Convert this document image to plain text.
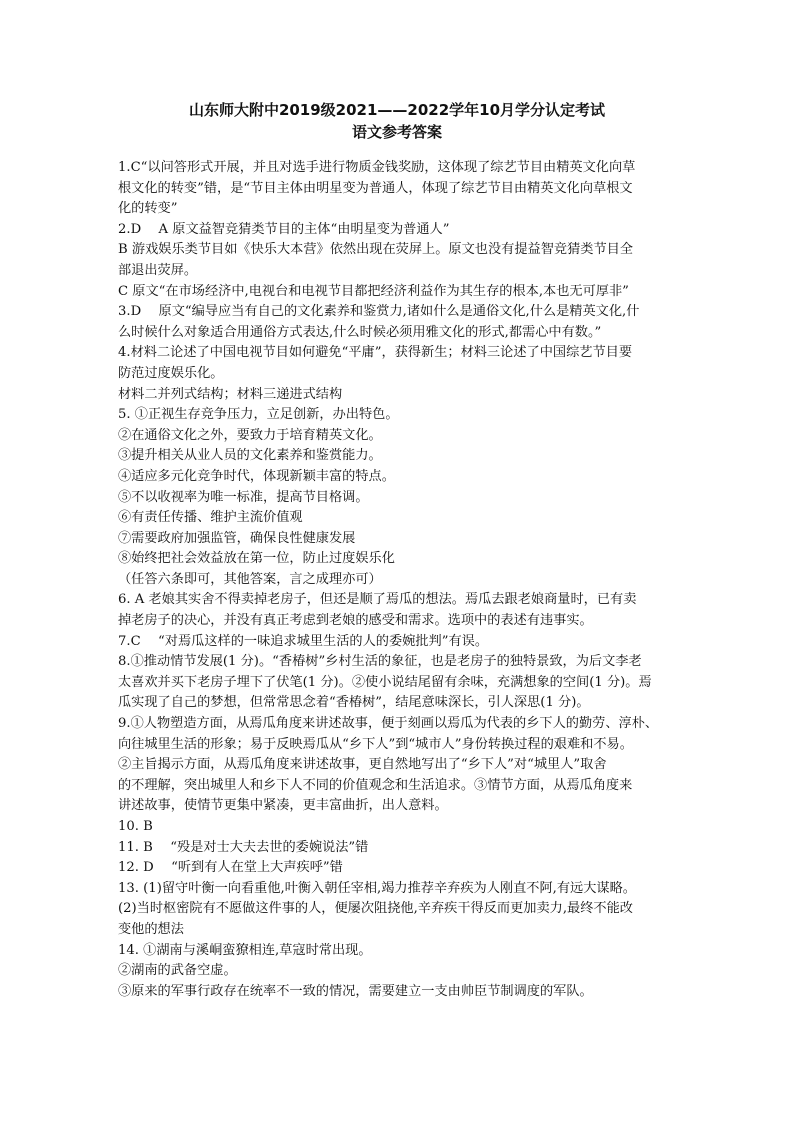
山东师大附中2019级2021——2022学年10月学分认定考试
语文参考答案
1.C“以问答形式开展，并且对选手进行物质金钱奖励，这体现了综艺节目由精英文化向草
根文化的转变”错，是“节目主体由明星变为普通人，体现了综艺节目由精英文化向草根文
化的转变”
2.D　 A 原文益智竞猜类节目的主体“由明星变为普通人”
B 游戏娱乐类节目如《快乐大本营》依然出现在荧屏上。原文也没有提益智竞猜类节目全
部退出荧屏。
C 原文“在市场经济中,电视台和电视节目都把经济利益作为其生存的根本,本也无可厚非”
3.D　 原文“编导应当有自己的文化素养和鉴赏力,诸如什么是通俗文化,什么是精英文化,什
么时候什么对象适合用通俗方式表达,什么时候必须用雅文化的形式,都需心中有数。”
4.材料二论述了中国电视节目如何避免“平庸”，获得新生；材料三论述了中国综艺节目要
防范过度娱乐化。
材料二并列式结构；材料三递进式结构
5. ①正视生存竞争压力，立足创新，办出特色。
②在通俗文化之外，要致力于培育精英文化。
③提升相关从业人员的文化素养和鉴赏能力。
④适应多元化竞争时代，体现新颖丰富的特点。
⑤不以收视率为唯一标准，提高节目格调。
⑥有责任传播、维护主流价值观
⑦需要政府加强监管，确保良性健康发展
⑧始终把社会效益放在第一位，防止过度娱乐化
（任答六条即可，其他答案，言之成理亦可）
6. A 老娘其实舍不得卖掉老房子，但还是顺了焉瓜的想法。焉瓜去跟老娘商量时，已有卖
掉老房子的决心，并没有真正考虑到老娘的感受和需求。选项中的表述有违事实。
7.C　 “对焉瓜这样的一味追求城里生活的人的委婉批判”有误。
8.①推动情节发展(1 分)。“香椿树”乡村生活的象征，也是老房子的独特景致，为后文李老
太喜欢并买下老房子埋下了伏笔(1 分)。②使小说结尾留有余味，充满想象的空间(1 分)。焉
瓜实现了自己的梦想，但常常思念着“香椿树”，结尾意味深长，引人深思(1 分)。
9.①人物塑造方面，从焉瓜角度来讲述故事，便于刻画以焉瓜为代表的乡下人的勤劳、淳朴、
向往城里生活的形象；易于反映焉瓜从“乡下人”到“城市人”身份转换过程的艰难和不易。
②主旨揭示方面，从焉瓜角度来讲述故事，更自然地写出了“乡下人”对“城里人”取舍
的不理解，突出城里人和乡下人不同的价值观念和生活追求。③情节方面，从焉瓜角度来
讲述故事，使情节更集中紧凑，更丰富曲折，出人意料。
10. B
11. B　 “殁是对士大夫去世的委婉说法”错
12. D　 “听到有人在堂上大声疾呼”错
13. (1)留守叶衡一向看重他,叶衡入朝任宰相,竭力推荐辛弃疾为人刚直不阿,有远大谋略。
(2)当时枢密院有不愿做这件事的人，便屡次阻挠他,辛弃疾干得反而更加卖力,最终不能改
变他的想法
14. ①湖南与溪峒蛮獠相连,草寇时常出现。
②湖南的武备空虚。
③原来的军事行政存在统率不一致的情况，需要建立一支由帅臣节制调度的军队。
